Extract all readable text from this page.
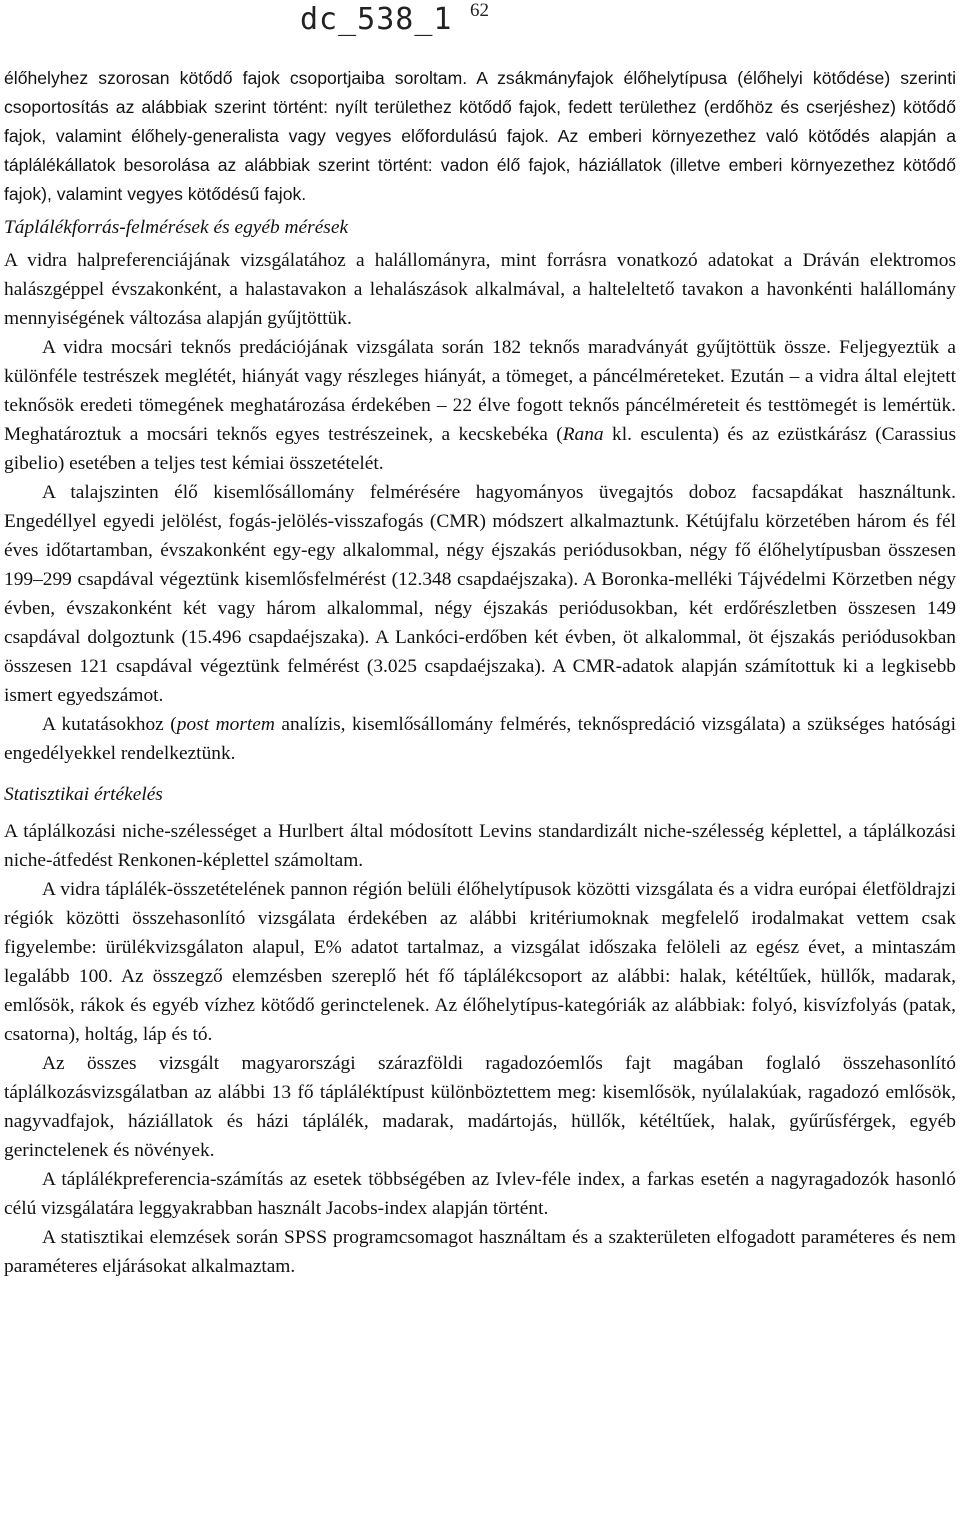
dc_538_1 62

élőhelyhez szorosan kötődő fajok csoportjaiba soroltam. A zsákmányfajok élőhelytípusa (élőhelyi kötődése) szerinti csoportosítás az alábbiak szerint történt: nyílt területhez kötődő fajok, fedett területhez (erdőhöz és cserjéshez) kötődő fajok, valamint élőhely-generalista vagy vegyes előfordulású fajok. Az emberi környezethez való kötődés alapján a táplálékállatok besorolása az alábbiak szerint történt: vadon élő fajok, háziállatok (illetve emberi környezethez kötődő fajok), valamint vegyes kötődésű fajok.

Táplálékforrás-felmérések és egyéb mérések

A vidra halpreferenciájának vizsgálatához a halállományra, mint forrásra vonatkozó adatokat a Dráván elektromos halászgéppel évszakonként, a halastavakon a lehalászások alkalmával, a halteleltető tavakon a havonkénti halállomány mennyiségének változása alapján gyűjtöttük.

A vidra mocsári teknős predációjának vizsgálata során 182 teknős maradványát gyűjtöttük össze. Feljegyeztük a különféle testrészek meglétét, hiányát vagy részleges hiányát, a tömeget, a páncélméreteket. Ezután – a vidra által elejtett teknősök eredeti tömegének meghatározása érdekében – 22 élve fogott teknős páncélméreteit és testtömegét is lemértük. Meghatároztuk a mocsári teknős egyes testrészeinek, a kecskebéka (Rana kl. esculenta) és az ezüstkárász (Carassius gibelio) esetében a teljes test kémiai összetételét.

A talajszinten élő kisemlősállomány felmérésére hagyományos üvegajtós doboz facsapdákat használtunk. Engedéllyel egyedi jelölést, fogás-jelölés-visszafogás (CMR) módszert alkalmaztunk. Kétújfalu körzetében három és fél éves időtartamban, évszakonként egy-egy alkalommal, négy éjszakás periódusokban, négy fő élőhelytípusban összesen 199–299 csapdával végeztünk kisemlősfelmérést (12.348 csapdaéjszaka). A Boronka-melléki Tájvédelmi Körzetben négy évben, évszakonként két vagy három alkalommal, négy éjszakás periódusokban, két erdőrészletben összesen 149 csapdával dolgoztunk (15.496 csapdaéjszaka). A Lankóci-erdőben két évben, öt alkalommal, öt éjszakás periódusokban összesen 121 csapdával végeztünk felmérést (3.025 csapdaéjszaka). A CMR-adatok alapján számítottuk ki a legkisebb ismert egyedszámot.

A kutatásokhoz (post mortem analízis, kisemlősállomány felmérés, teknőspredáció vizsgálata) a szükséges hatósági engedélyekkel rendelkeztünk.

Statisztikai értékelés

A táplálkozási niche-szélességet a Hurlbert által módosított Levins standardizált niche-szélesség képlettel, a táplálkozási niche-átfedést Renkonen-képlettel számoltam.

A vidra táplálék-összetételének pannon régión belüli élőhelytípusok közötti vizsgálata és a vidra európai életföldrajzi régiók közötti összehasonlító vizsgálata érdekében az alábbi kritériumoknak megfelelő irodalmakat vettem csak figyelembe: ürülékvizsgálaton alapul, E% adatot tartalmaz, a vizsgálat időszaka felöleli az egész évet, a mintaszám legalább 100. Az összegző elemzésben szereplő hét fő táplálékcsoport az alábbi: halak, kétéltűek, hüllők, madarak, emlősök, rákok és egyéb vízhez kötődő gerinctelenek. Az élőhelytípus-kategóriák az alábbiak: folyó, kisvízfolyás (patak, csatorna), holtág, láp és tó.

Az összes vizsgált magyarországi szárazföldi ragadozóemlős fajt magában foglaló összehasonlító táplálkozásvizsgálatban az alábbi 13 fő tápláléktípust különböztettem meg: kisemlősök, nyúlalakúak, ragadozó emlősök, nagyvadfajok, háziállatok és házi táplálék, madarak, madártojás, hüllők, kétéltűek, halak, gyűrűsférgek, egyéb gerinctelenek és növények.

A táplálékpreferencia-számítás az esetek többségében az Ivlev-féle index, a farkas esetén a nagyragadozók hasonló célú vizsgálatára leggyakrabban használt Jacobs-index alapján történt.

A statisztikai elemzések során SPSS programcsomagot használtam és a szakterületen elfogadott paraméteres és nem paraméteres eljárásokat alkalmaztam.
